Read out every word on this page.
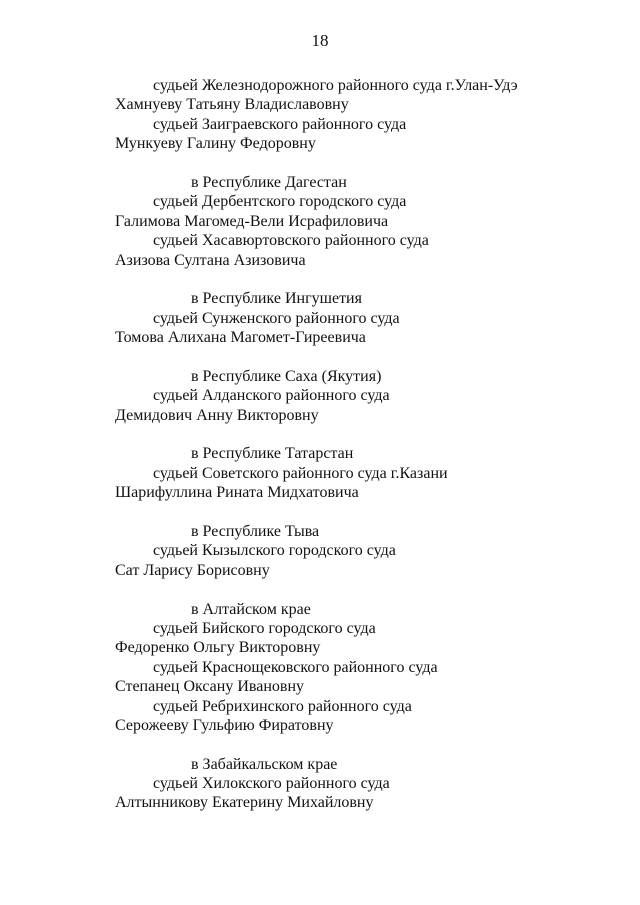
18
судьей Железнодорожного районного суда г.Улан-Удэ
Хамнуеву Татьяну Владиславовну
судьей Заиграевского районного суда
Мункуеву Галину Федоровну
в Республике Дагестан
судьей Дербентского городского суда
Галимова Магомед-Вели Исрафиловича
судьей Хасавюртовского районного суда
Азизова Султана Азизовича
в Республике Ингушетия
судьей Сунженского районного суда
Томова Алихана Магомет-Гиреевича
в Республике Саха (Якутия)
судьей Алданского районного суда
Демидович Анну Викторовну
в Республике Татарстан
судьей Советского районного суда г.Казани
Шарифуллина Рината Мидхатовича
в Республике Тыва
судьей Кызылского городского суда
Сат Ларису Борисовну
в Алтайском крае
судьей Бийского городского суда
Федоренко Ольгу Викторовну
судьей Краснощековского районного суда
Степанец Оксану Ивановну
судьей Ребрихинского районного суда
Серожееву Гульфию Фиратовну
в Забайкальском крае
судьей Хилокского районного суда
Алтынникову Екатерину Михайловну
